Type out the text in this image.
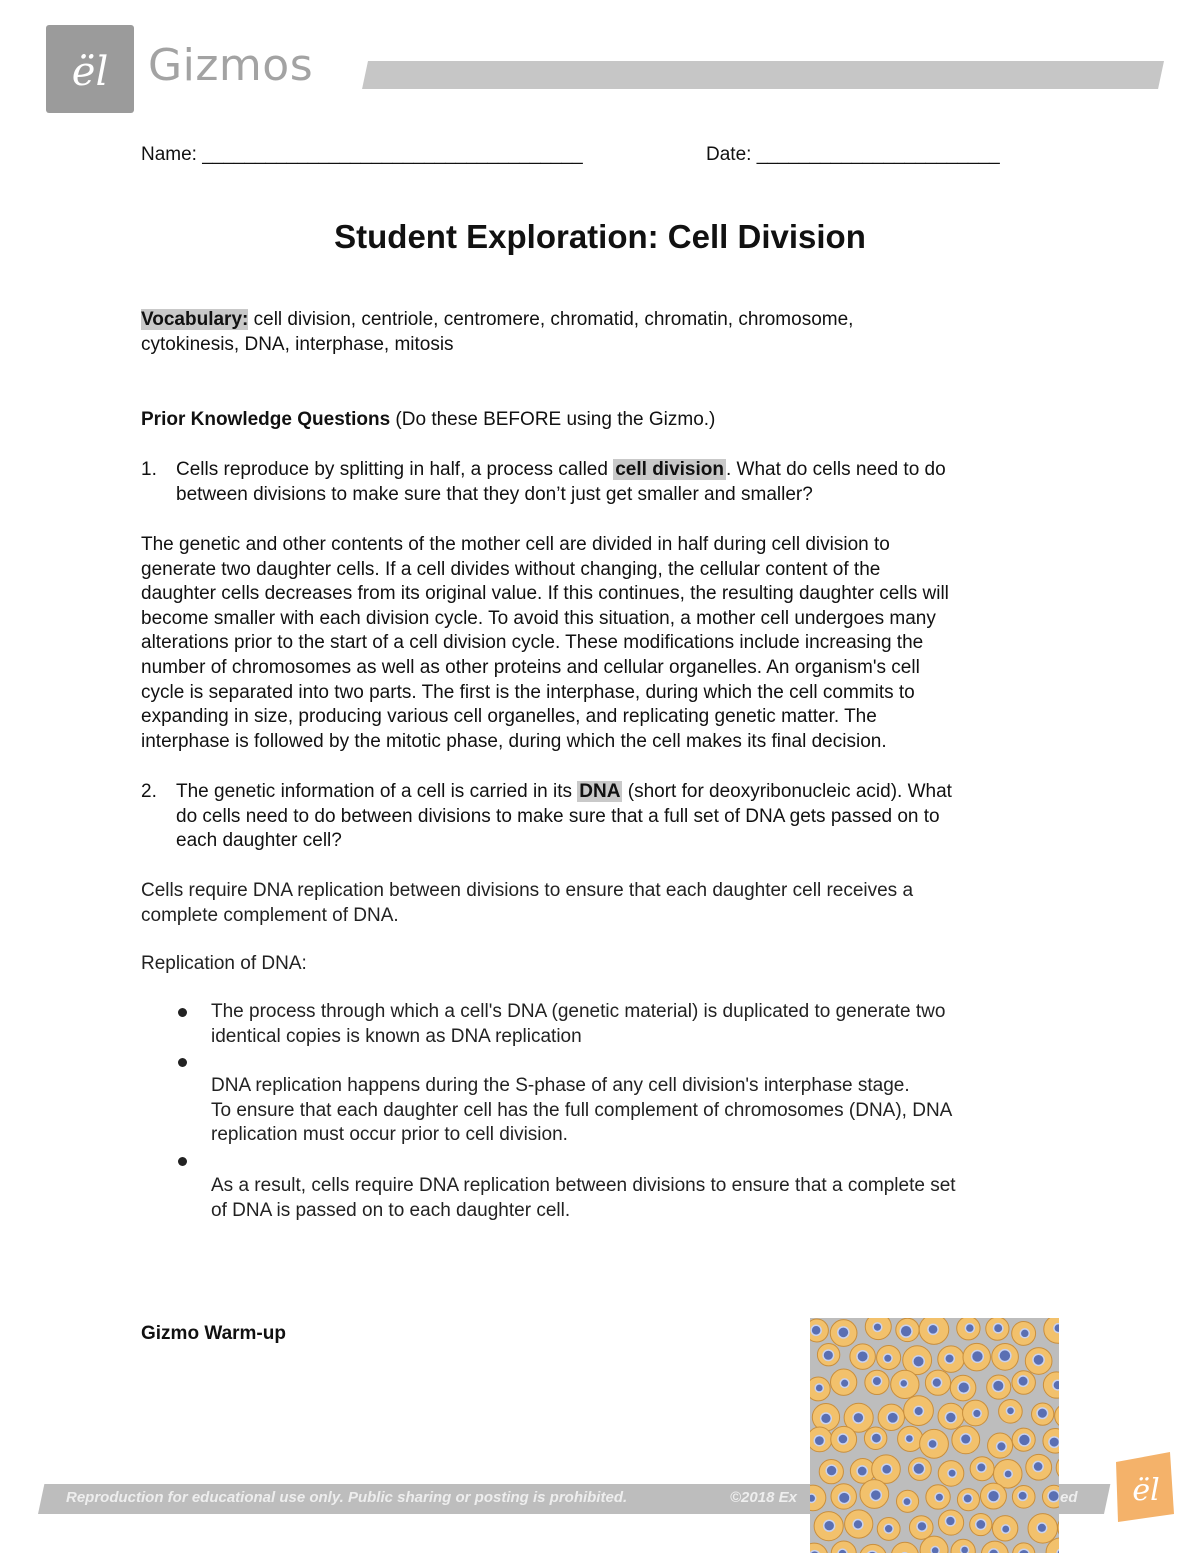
ël Gizmos
Name: ____________________________________	Date: _______________________
Student Exploration: Cell Division

Vocabulary: cell division, centriole, centromere, chromatid, chromatin, chromosome,
cytokinesis, DNA, interphase, mitosis

Prior Knowledge Questions (Do these BEFORE using the Gizmo.)

1. Cells reproduce by splitting in half, a process called cell division . What do cells need to do
between divisions to make sure that they don’t just get smaller and smaller?

The genetic and other contents of the mother cell are divided in half during cell division to
generate two daughter cells. If a cell divides without changing, the cellular content of the
daughter cells decreases from its original value. If this continues, the resulting daughter cells will
become smaller with each division cycle. To avoid this situation, a mother cell undergoes many
alterations prior to the start of a cell division cycle. These modifications include increasing the
number of chromosomes as well as other proteins and cellular organelles. An organism's cell
cycle is separated into two parts. The first is the interphase, during which the cell commits to
expanding in size, producing various cell organelles, and replicating genetic matter. The
interphase is followed by the mitotic phase, during which the cell makes its final decision.

2. The genetic information of a cell is carried in its DNA (short for deoxyribonucleic acid). What
do cells need to do between divisions to make sure that a full set of DNA gets passed on to
each daughter cell?

Cells require DNA replication between divisions to ensure that each daughter cell receives a
complete complement of DNA.

Replication of DNA:

The process through which a cell's DNA (genetic material) is duplicated to generate two
identical copies is known as DNA replication

DNA replication happens during the S-phase of any cell division's interphase stage.
To ensure that each daughter cell has the full complement of chromosomes (DNA), DNA
replication must occur prior to cell division.

As a result, cells require DNA replication between divisions to ensure that a complete set
of DNA is passed on to each daughter cell.

Gizmo Warm-up

Reproduction for educational use only. Public sharing or posting is prohibited.	©2018 Ex	ed ël
